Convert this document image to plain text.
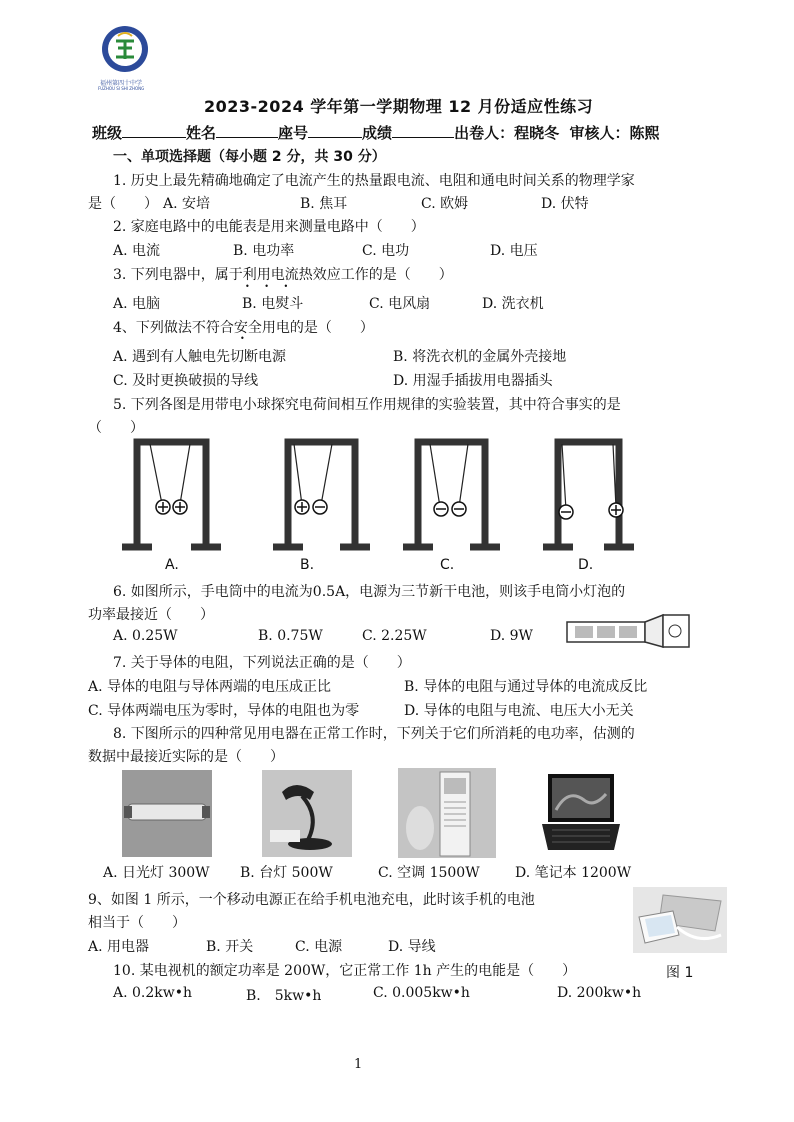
福州第四十中学
FUZHOU SI SHI ZHONG
2023-2024 学年第一学期物理 12 月份适应性练习
班级	姓名	座号	成绩	出卷人：程晓冬 审核人：陈熙
一、单项选择题（每小题 2 分，共 30 分）
1. 历史上最先精确地确定了电流产生的热量跟电流、电阻和通电时间关系的物理学家
是（　　） A. 安培	B. 焦耳	C. 欧姆	D. 伏特
2. 家庭电路中的电能表是用来测量电路中（　　）
A. 电流	B. 电功率	C. 电功	D. 电压
3. 下列电器中，属于利用电流热效应工作的是（　　）
• • •
A. 电脑	B. 电熨斗	C. 电风扇	D. 洗衣机
4、下列做法不符合安全用电的是（　　）
•
A. 遇到有人触电先切断电源	B. 将洗衣机的金属外壳接地
C. 及时更换破损的导线	D. 用湿手插拔用电器插头
5. 下列各图是用带电小球探究电荷间相互作用规律的实验装置，其中符合事实的是
（　　）
A.	B.	C.	D.
6. 如图所示，手电筒中的电流为0.5A，电源为三节新干电池，则该手电筒小灯泡的
功率最接近（　　）
A. 0.25W	B. 0.75W	C. 2.25W	D. 9W
7. 关于导体的电阻，下列说法正确的是（　　）
A. 导体的电阻与导体两端的电压成正比	B. 导体的电阻与通过导体的电流成反比
C. 导体两端电压为零时，导体的电阻也为零	D. 导体的电阻与电流、电压大小无关
8. 下图所示的四种常见用电器在正常工作时，下列关于它们所消耗的电功率，估测的
数据中最接近实际的是（　　）
A. 日光灯 300W B. 台灯 500W	C. 空调 1500W	D. 笔记本 1200W
9、如图 1 所示，一个移动电源正在给手机电池充电，此时该手机的电池
相当于（　　）
A. 用电器	B. 开关	C. 电源	D. 导线
图 1
10. 某电视机的额定功率是 200W，它正常工作 1h 产生的电能是（　　）
A. 0.2kw•h	B.　5kw•h	C. 0.005kw•h	D. 200kw•h
1
